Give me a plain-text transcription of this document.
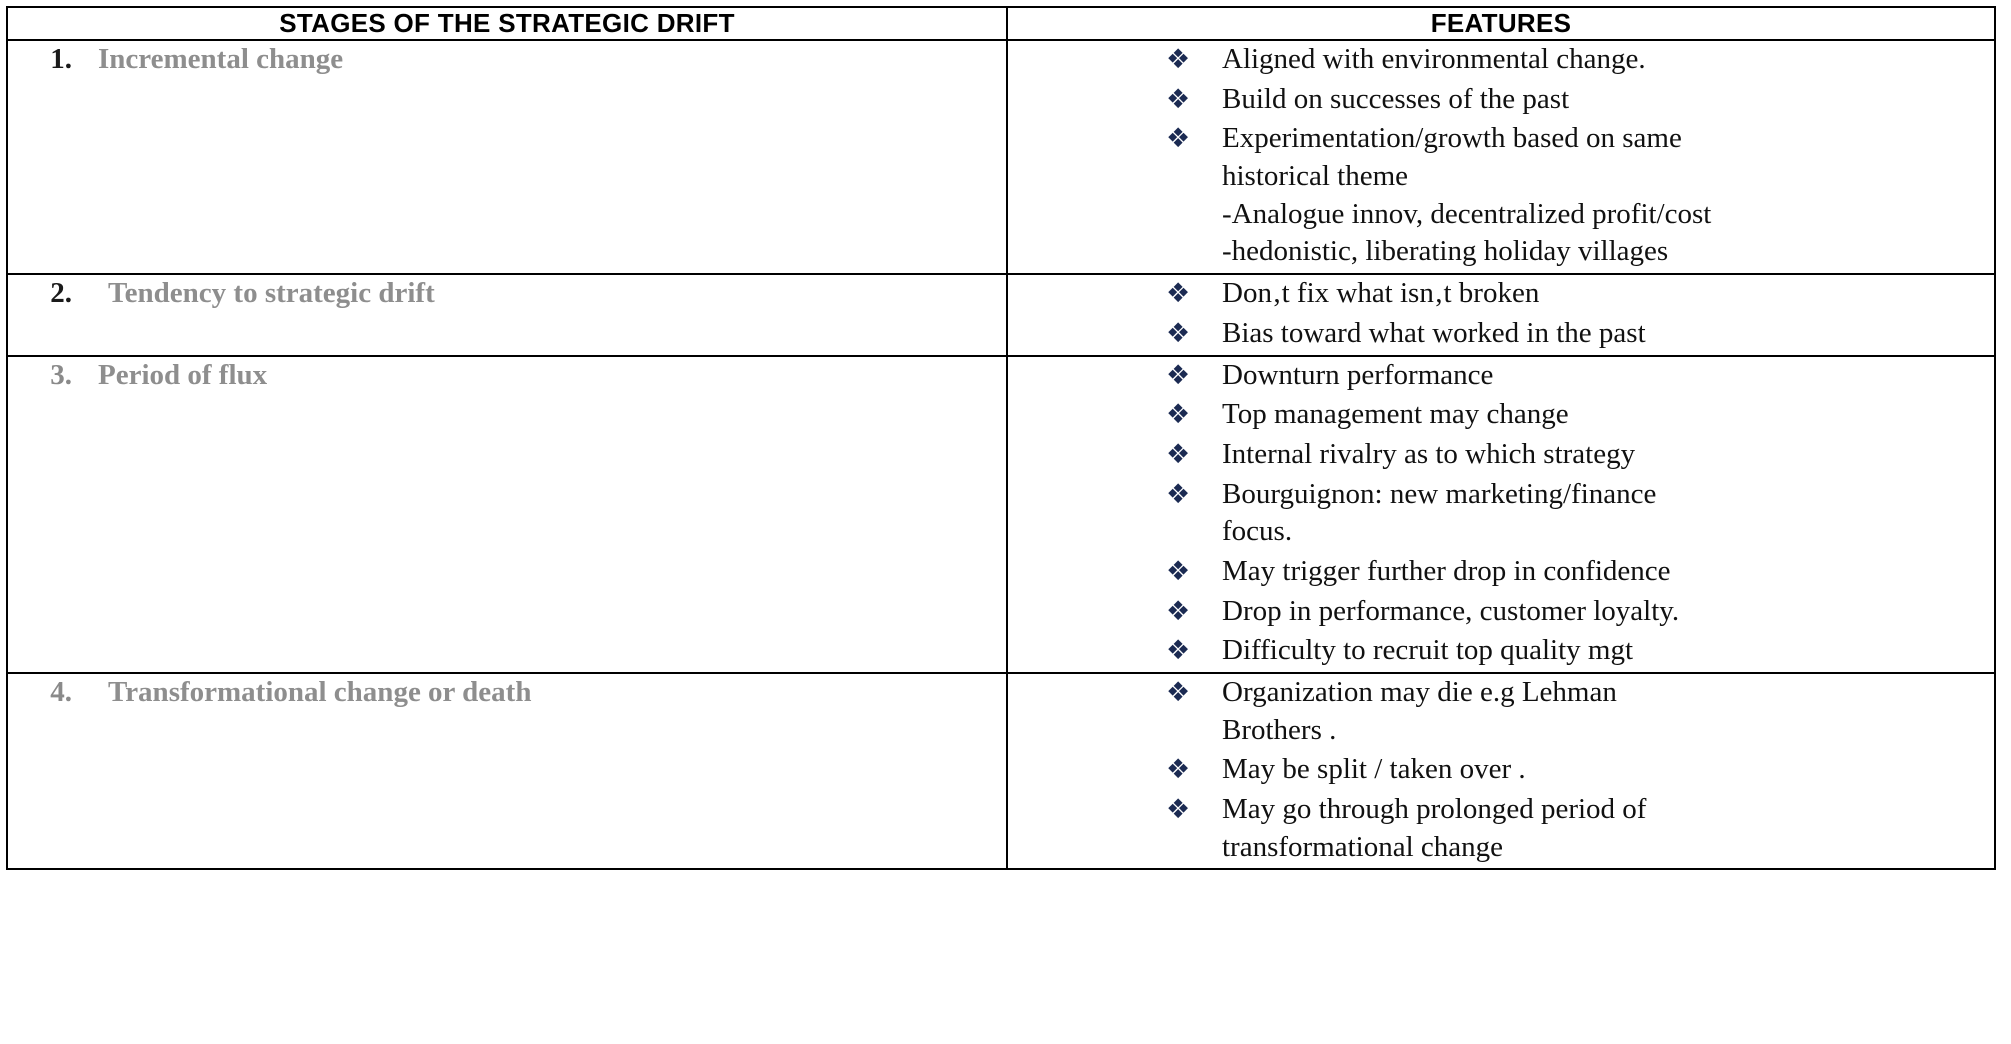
STAGES OF THE STRATEGIC DRIFT	FEATURES

1. Incremental change	❖ Aligned with environmental change.
❖ Build on successes of the past
❖ Experimentation/growth based on same
historical theme
-Analogue innov, decentralized profit/cost
-hedonistic, liberating holiday villages

2.	Tendency to strategic drift	❖ Don‚t fix what isn‚t broken
❖ Bias toward what worked in the past

3. Period of flux	❖ Downturn performance
❖ Top management may change
❖ Internal rivalry as to which strategy
❖ Bourguignon: new marketing/finance
focus.
❖ May trigger further drop in confidence
❖ Drop in performance, customer loyalty.
❖ Difficulty to recruit top quality mgt

4.	Transformational change or death	❖ Organization may die e.g Lehman
Brothers .
❖ May be split / taken over .
❖ May go through prolonged period of
transformational change
